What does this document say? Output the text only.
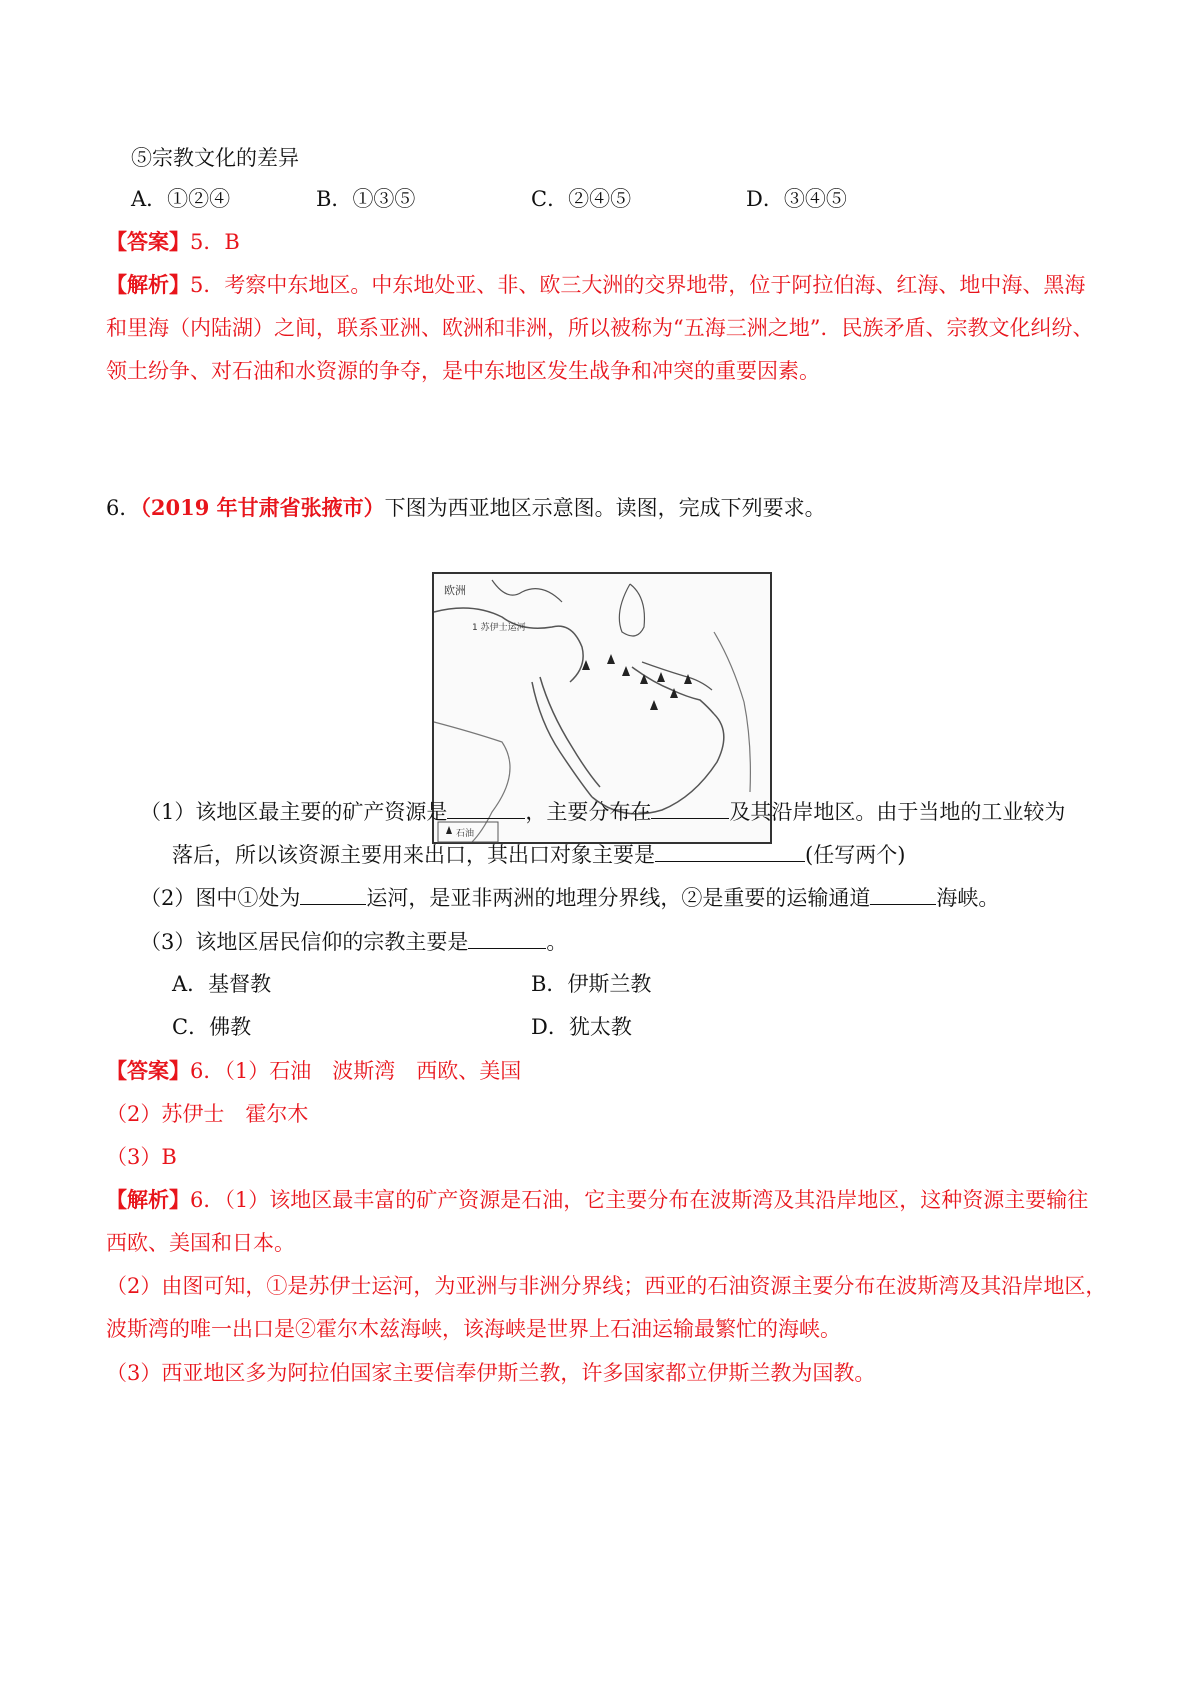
⑤宗教文化的差异
A．①②④	B．①③⑤	C．②④⑤	D．③④⑤
【答案】5．B
【解析】5．考察中东地区。中东地处亚、非、欧三大洲的交界地带，位于阿拉伯海、红海、地中海、黑海
和里海（内陆湖）之间，联系亚洲、欧洲和非洲，所以被称为“五海三洲之地”．民族矛盾、宗教文化纠纷、
领土纷争、对石油和水资源的争夺，是中东地区发生战争和冲突的重要因素。
6．（2019 年甘肃省张掖市）下图为西亚地区示意图。读图，完成下列要求。
欧洲
1 苏伊士运河
石油
（1）该地区最主要的矿产资源是	，主要分布在	及其沿岸地区。由于当地的工业较为
落后，所以该资源主要用来出口，其出口对象主要是	(任写两个)
（2）图中①处为	运河，是亚非两洲的地理分界线，②是重要的运输通道	海峡。
（3）该地区居民信仰的宗教主要是	。
A．基督教	B．伊斯兰教
C．佛教	D．犹太教
【答案】6．（1）石油　波斯湾　西欧、美国
（2）苏伊士　霍尔木
（3）B
【解析】6．（1）该地区最丰富的矿产资源是石油，它主要分布在波斯湾及其沿岸地区，这种资源主要输往
西欧、美国和日本。
（2）由图可知，①是苏伊士运河，为亚洲与非洲分界线；西亚的石油资源主要分布在波斯湾及其沿岸地区，
波斯湾的唯一出口是②霍尔木兹海峡，该海峡是世界上石油运输最繁忙的海峡。
（3）西亚地区多为阿拉伯国家主要信奉伊斯兰教，许多国家都立伊斯兰教为国教。
